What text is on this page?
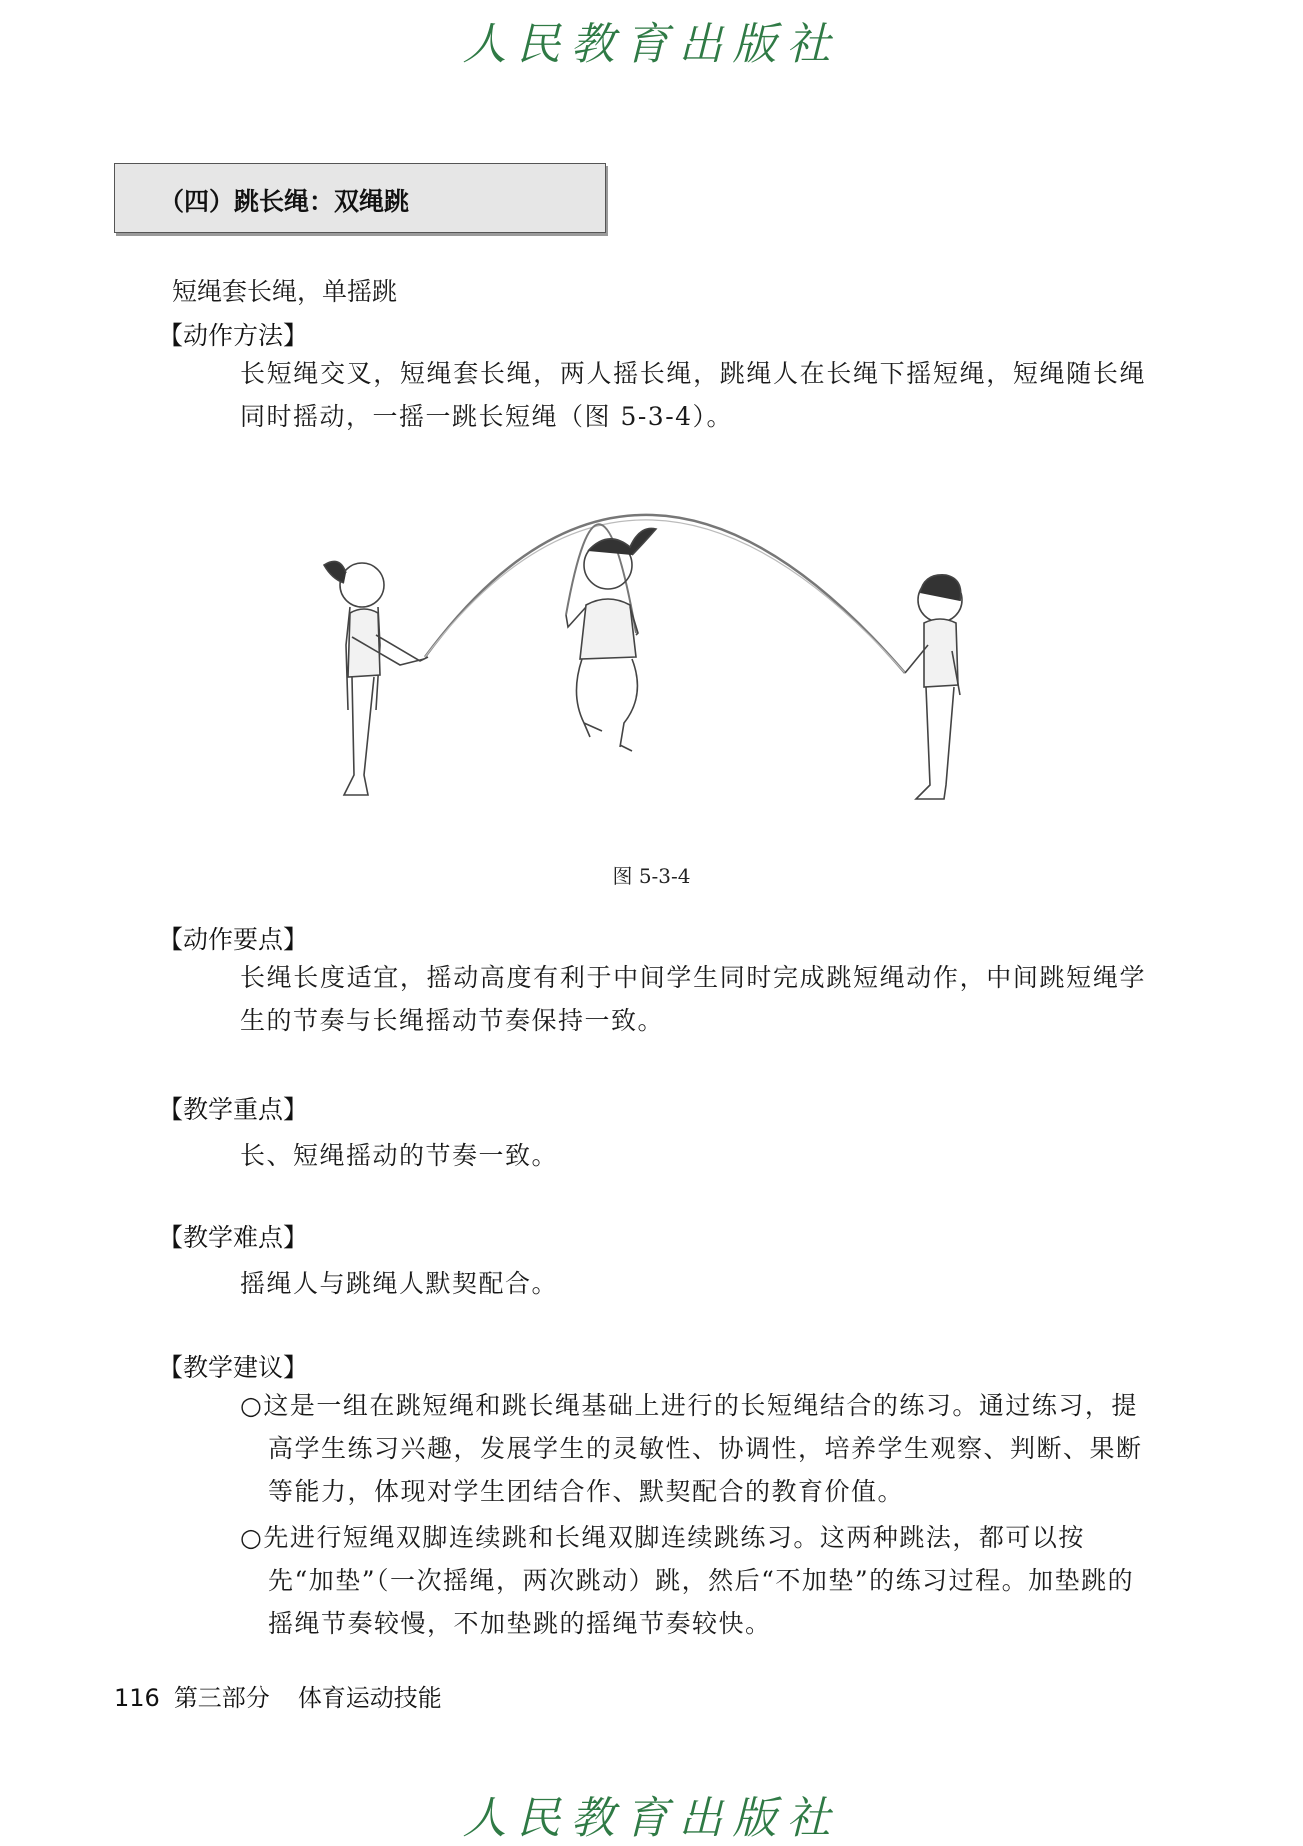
人民教育出版社
（四）跳长绳：双绳跳
短绳套长绳，单摇跳
【动作方法】
长短绳交叉，短绳套长绳，两人摇长绳，跳绳人在长绳下摇短绳，短绳随长绳同时摇动，一摇一跳长短绳（图 5-3-4）。
图 5-3-4
【动作要点】
长绳长度适宜，摇动高度有利于中间学生同时完成跳短绳动作，中间跳短绳学生的节奏与长绳摇动节奏保持一致。
【教学重点】
长、短绳摇动的节奏一致。
【教学难点】
摇绳人与跳绳人默契配合。
【教学建议】
○这是一组在跳短绳和跳长绳基础上进行的长短绳结合的练习。通过练习，提高学生练习兴趣，发展学生的灵敏性、协调性，培养学生观察、判断、果断等能力，体现对学生团结合作、默契配合的教育价值。
○先进行短绳双脚连续跳和长绳双脚连续跳练习。这两种跳法，都可以按先“加垫”（一次摇绳，两次跳动）跳，然后“不加垫”的练习过程。加垫跳的摇绳节奏较慢，不加垫跳的摇绳节奏较快。
116 第三部分 体育运动技能
人民教育出版社
